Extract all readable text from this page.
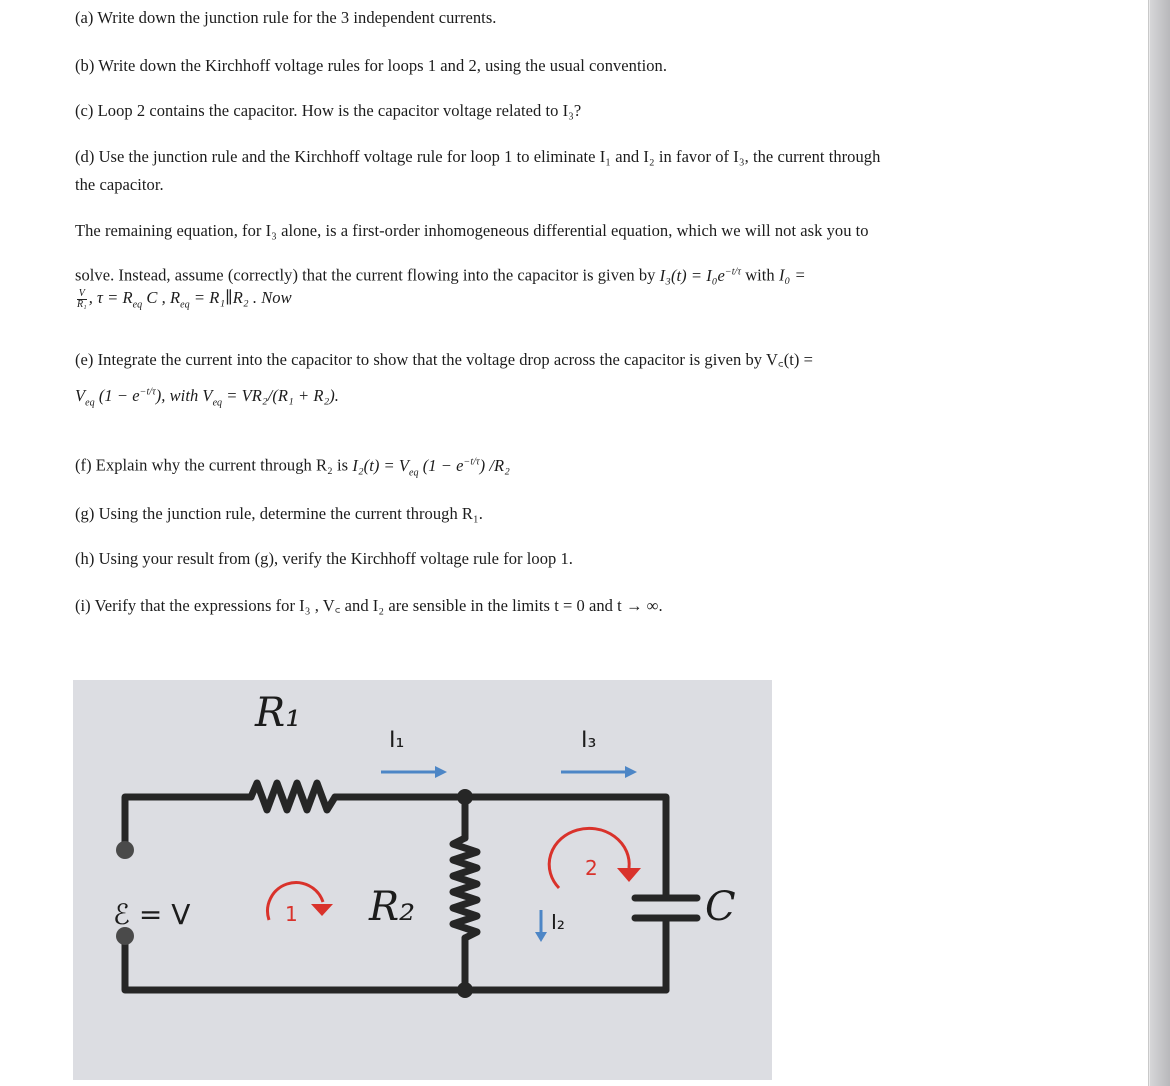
(a) Write down the junction rule for the 3 independent currents.
(b) Write down the Kirchhoff voltage rules for loops 1 and 2, using the usual convention.
(c) Loop 2 contains the capacitor. How is the capacitor voltage related to I₃?
(d) Use the junction rule and the Kirchhoff voltage rule for loop 1 to eliminate I₁ and I₂ in favor of I₃, the current through
the capacitor.
The remaining equation, for I₃ alone, is a first-order inhomogeneous differential equation, which we will not ask you to
solve. Instead, assume (correctly) that the current flowing into the capacitor is given by $I_3(t) = I_0e^{-t/\tau}$ with I₀ =
$\frac{V}{\text{R₁}}$ , $\tau = R_{eq}$ C , $R_{eq}$ = R₁∥R₂ . Now
(e) Integrate the current into the capacitor to show that the voltage drop across the capacitor is given by V꜀(t) =
$V_{eq}$ $(1 - e^{-t/\tau})$, with $V_{eq} = VR_2/(R_1 + R_2)$.
(f) Explain why the current through R₂ is $I_2(t) = V_{eq}$ $(1 - e^{-t/\tau})$ /R₂
(g) Using the junction rule, determine the current through R₁.
(h) Using your result from (g), verify the Kirchhoff voltage rule for loop 1.
(i) Verify that the expressions for I₃ , V꜀ and I₂ are sensible in the limits t = 0 and t → ∞.
R₁
I₁	I₃
ℰ = V	1 R₂	I₂
2
C
